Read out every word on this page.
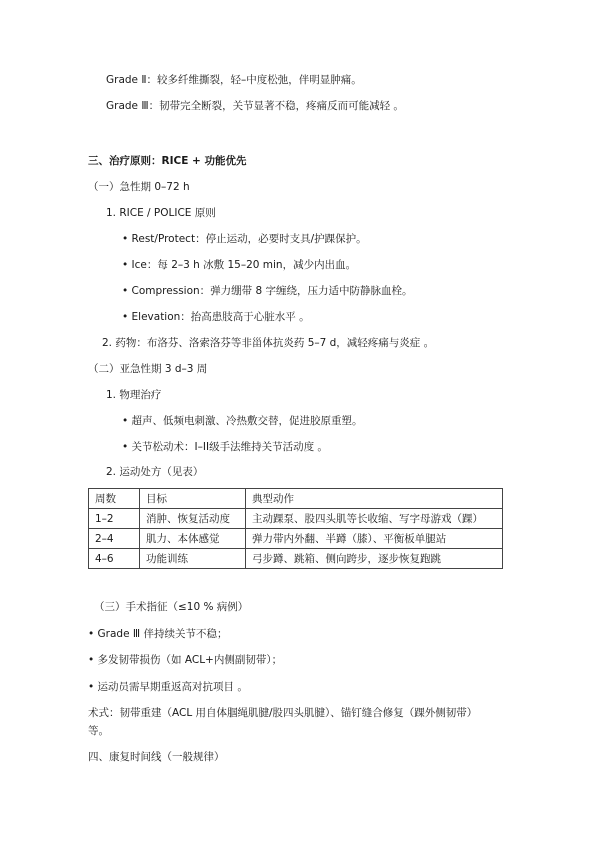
Grade Ⅱ：较多纤维撕裂，轻–中度松弛，伴明显肿痛。
Grade Ⅲ：韧带完全断裂，关节显著不稳，疼痛反而可能减轻 。
三、治疗原则：RICE + 功能优先
（一）急性期 0–72 h
1. RICE / POLICE 原则
• Rest/Protect：停止运动，必要时支具/护踝保护。
• Ice：每 2–3 h 冰敷 15–20 min，减少内出血。
• Compression：弹力绷带 8 字缠绕，压力适中防静脉血栓。
• Elevation：抬高患肢高于心脏水平 。
2. 药物：布洛芬、洛索洛芬等非甾体抗炎药 5–7 d，减轻疼痛与炎症 。
（二）亚急性期 3 d–3 周
1. 物理治疗
• 超声、低频电刺激、冷热敷交替，促进胶原重塑。
• 关节松动术：I–II级手法维持关节活动度 。
2. 运动处方（见表）
周数	目标	典型动作
1–2	消肿、恢复活动度	主动踝泵、股四头肌等长收缩、写字母游戏（踝）
2–4	肌力、本体感觉	弹力带内外翻、半蹲（膝）、平衡板单腿站
4–6	功能训练	弓步蹲、跳箱、侧向跨步，逐步恢复跑跳
（三）手术指征（≤10 % 病例）
• Grade Ⅲ 伴持续关节不稳；
• 多发韧带损伤（如 ACL+内侧副韧带）；
• 运动员需早期重返高对抗项目 。
术式：韧带重建（ACL 用自体腘绳肌腱/股四头肌腱）、锚钉缝合修复（踝外侧韧带）
等。
四、康复时间线（一般规律）
